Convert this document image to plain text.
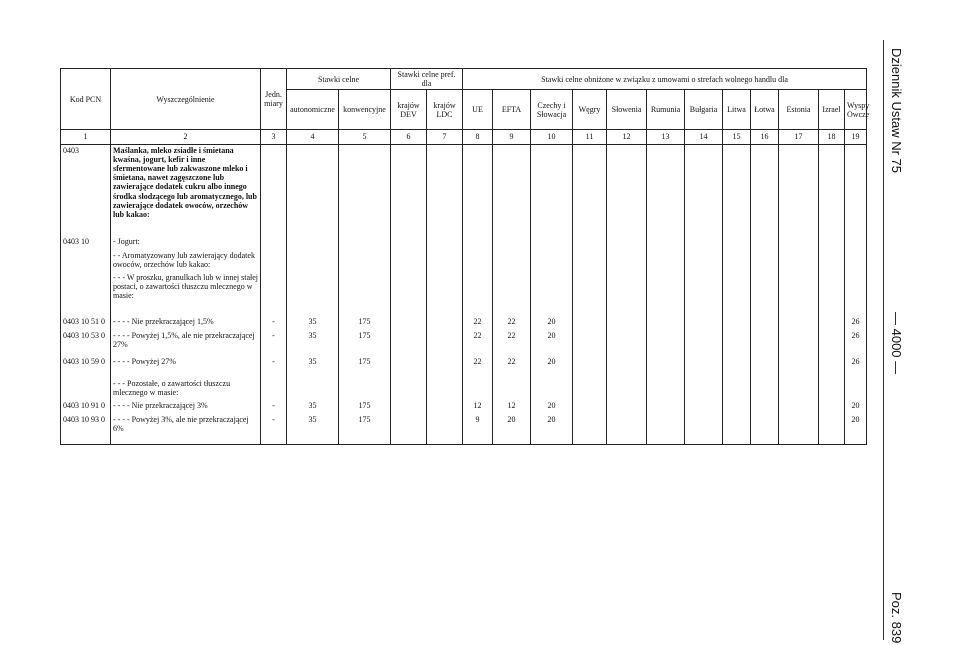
Kod PCN	Wyszczególnienie	Jedn. miary	Stawki celne		Stawki celne pref. dla		Stawki celne obniżone w związku z umowami o strefach wolnego handlu dla											
			autonomiczne	konwencyjne	krajów DEV	krajów LDC	UE	EFTA	Czechy i Słowacja	Węgry	Słowenia	Rumunia	Bułgaria	Litwa	Łotwa	Estonia	Izrael	Wyspy Owcze
1	2	3	4	5	6	7	8	9	10	11	12	13	14	15	16	17	18	19
0403	Maślanka, mleko zsiadłe i śmietana kwaśna, jogurt, kefir i inne sfermentowane lub zakwaszone mleko i śmietana, nawet zagęszczone lub zawierające dodatek cukru albo innego środka słodzącego lub aromatycznego, lub zawierające dodatek owoców, orzechów lub kakao:																	
0403 10	- Jogurt:																	
	- - Aromatyzowany lub zawierający dodatek owoców, orzechów lub kakao:																	
	- - - W proszku, granulkach lub w innej stałej postaci, o zawartości tłuszczu mlecznego w masie:																	
0403 10 51 0	- - - - Nie przekraczającej 1,5%	-	35	175			22	22	20									26
0403 10 53 0	- - - - Powyżej 1,5%, ale nie przekraczającej 27%	-	35	175			22	22	20									26
0403 10 59 0	- - - - Powyżej 27%	-	35	175			22	22	20									26
	- - - Pozostałe, o zawartości tłuszczu mlecznego w masie:																	
0403 10 91 0	- - - - Nie przekraczającej 3%	-	35	175			12	12	20									20
0403 10 93 0	- - - - Powyżej 3%, ale nie przekraczającej 6%	-	35	175			9	20	20									20
Dziennik Ustaw Nr 75
— 4000 —
Poz. 839
